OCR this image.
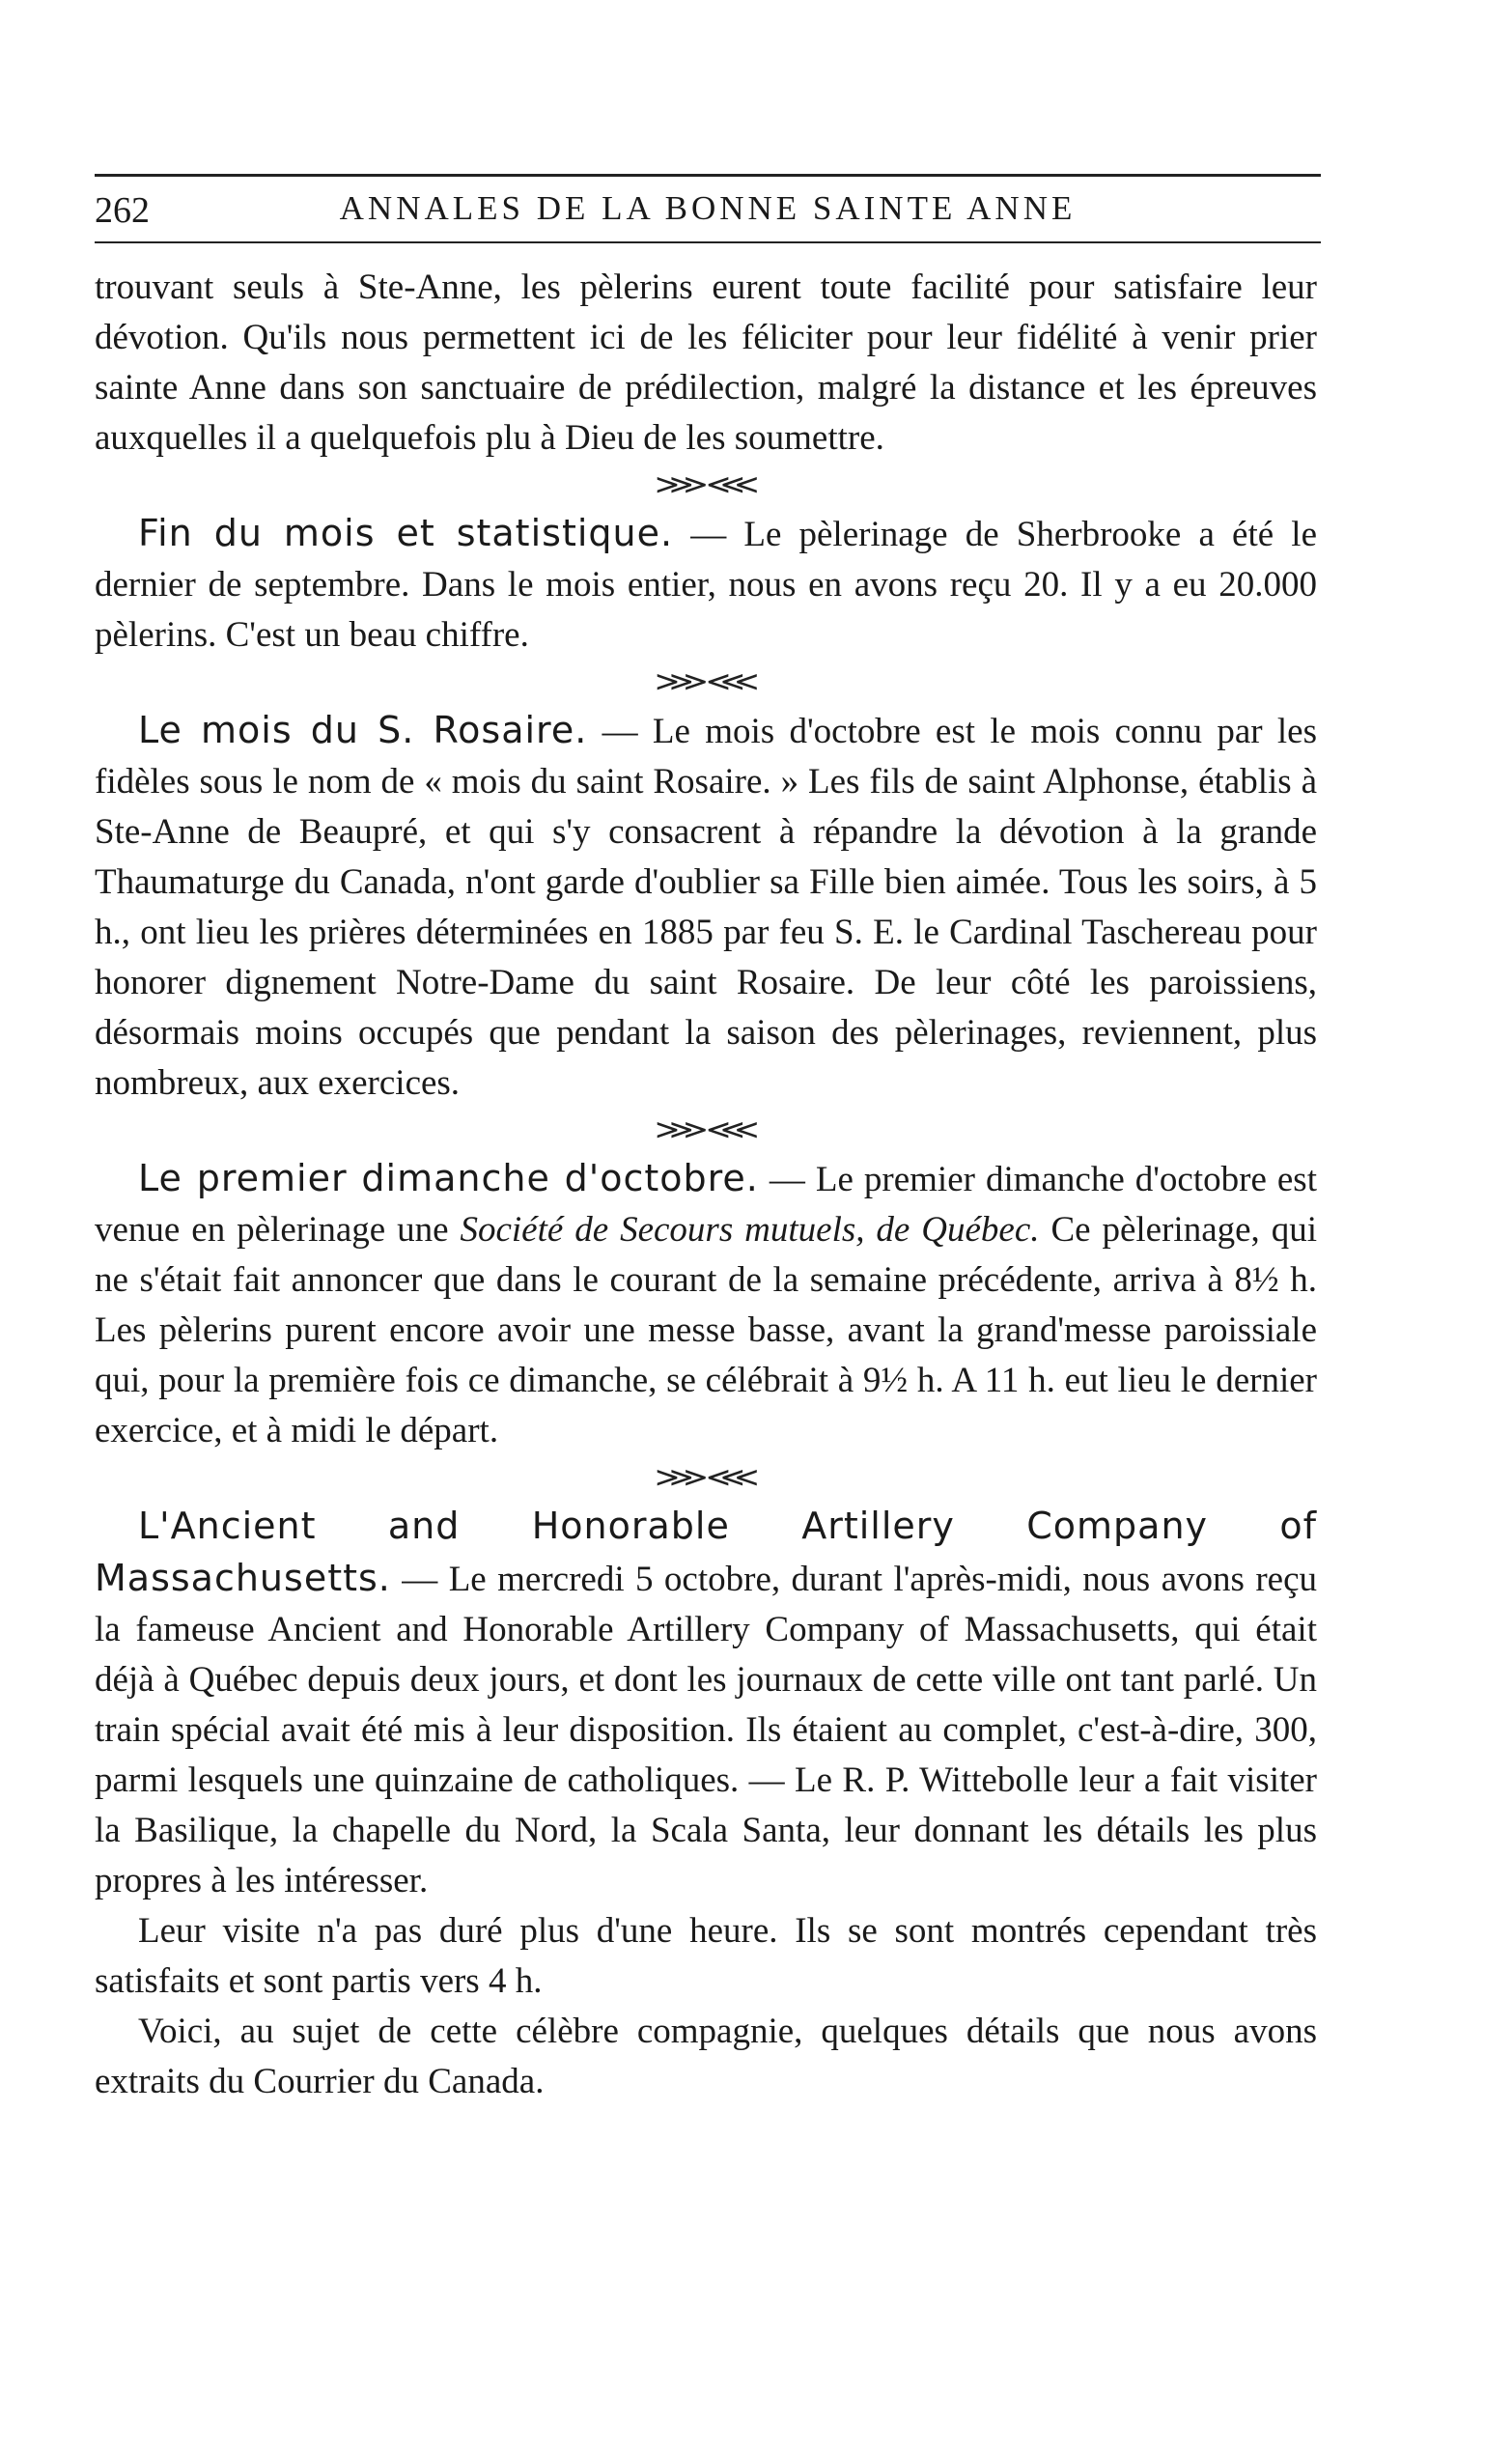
262	ANNALES DE LA BONNE SAINTE ANNE

trouvant seuls à Ste-Anne, les pèlerins eurent toute facilité pour satisfaire leur dévotion. Qu'ils nous permettent ici de les féliciter pour leur fidélité à venir prier sainte Anne dans son sanctuaire de prédilection, malgré la distance et les épreuves auxquelles il a quelquefois plu à Dieu de les soumettre.

⋙⋘

Fin du mois et statistique. — Le pèlerinage de Sherbrooke a été le dernier de septembre. Dans le mois entier, nous en avons reçu 20. Il y a eu 20.000 pèlerins. C'est un beau chiffre.

⋙⋘

Le mois du S. Rosaire. — Le mois d'octobre est le mois connu par les fidèles sous le nom de « mois du saint Rosaire. » Les fils de saint Alphonse, établis à Ste-Anne de Beaupré, et qui s'y consacrent à répandre la dévotion à la grande Thaumaturge du Canada, n'ont garde d'oublier sa Fille bien aimée. Tous les soirs, à 5 h., ont lieu les prières déterminées en 1885 par feu S. E. le Cardinal Taschereau pour honorer dignement Notre-Dame du saint Rosaire. De leur côté les paroissiens, désormais moins occupés que pendant la saison des pèlerinages, reviennent, plus nombreux, aux exercices.

⋙⋘

Le premier dimanche d'octobre. — Le premier dimanche d'octobre est venue en pèlerinage une Société de Secours mutuels, de Québec. Ce pèlerinage, qui ne s'était fait annoncer que dans le courant de la semaine précédente, arriva à 8½ h. Les pèlerins purent encore avoir une messe basse, avant la grand'messe paroissiale qui, pour la première fois ce dimanche, se célébrait à 9½ h. A 11 h. eut lieu le dernier exercice, et à midi le départ.

⋙⋘

L'Ancient and Honorable Artillery Company of Massachusetts. — Le mercredi 5 octobre, durant l'après-midi, nous avons reçu la fameuse Ancient and Honorable Artillery Company of Massachusetts, qui était déjà à Québec depuis deux jours, et dont les journaux de cette ville ont tant parlé. Un train spécial avait été mis à leur disposition. Ils étaient au complet, c'est-à-dire, 300, parmi lesquels une quinzaine de catholiques. — Le R. P. Wittebolle leur a fait visiter la Basilique, la chapelle du Nord, la Scala Santa, leur donnant les détails les plus propres à les intéresser.

Leur visite n'a pas duré plus d'une heure. Ils se sont montrés cependant très satisfaits et sont partis vers 4 h.

Voici, au sujet de cette célèbre compagnie, quelques détails que nous avons extraits du Courrier du Canada.
